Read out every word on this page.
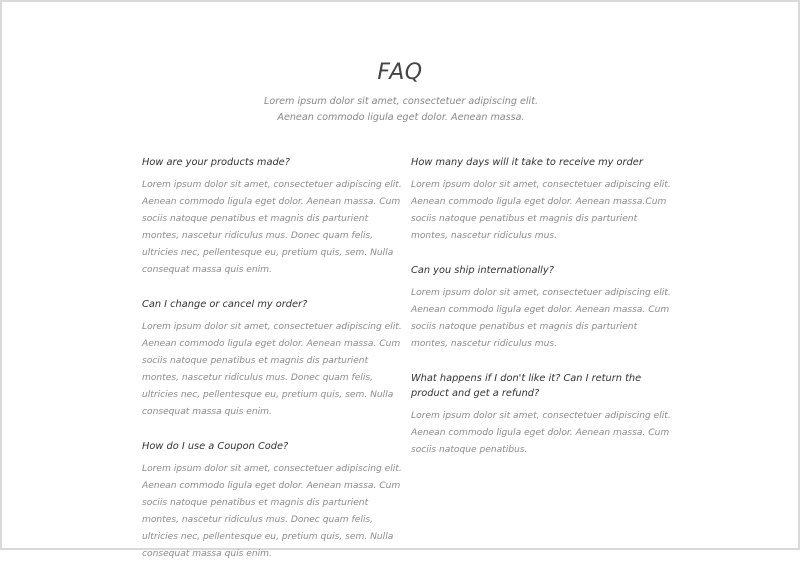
FAQ

Lorem ipsum dolor sit amet, consectetuer adipiscing elit. Aenean commodo ligula eget dolor. Aenean massa.

How are your products made?

Lorem ipsum dolor sit amet, consectetuer adipiscing elit. Aenean commodo ligula eget dolor. Aenean massa. Cum sociis natoque penatibus et magnis dis parturient montes, nascetur ridiculus mus. Donec quam felis, ultricies nec, pellentesque eu, pretium quis, sem. Nulla consequat massa quis enim.

Can I change or cancel my order?

Lorem ipsum dolor sit amet, consectetuer adipiscing elit. Aenean commodo ligula eget dolor. Aenean massa. Cum sociis natoque penatibus et magnis dis parturient montes, nascetur ridiculus mus. Donec quam felis, ultricies nec, pellentesque eu, pretium quis, sem. Nulla consequat massa quis enim.

How do I use a Coupon Code?

Lorem ipsum dolor sit amet, consectetuer adipiscing elit. Aenean commodo ligula eget dolor. Aenean massa. Cum sociis natoque penatibus et magnis dis parturient montes, nascetur ridiculus mus. Donec quam felis, ultricies nec, pellentesque eu, pretium quis, sem. Nulla consequat massa quis enim.

How many days will it take to receive my order

Lorem ipsum dolor sit amet, consectetuer adipiscing elit. Aenean commodo ligula eget dolor. Aenean massa.Cum sociis natoque penatibus et magnis dis parturient montes, nascetur ridiculus mus.

Can you ship internationally?

Lorem ipsum dolor sit amet, consectetuer adipiscing elit. Aenean commodo ligula eget dolor. Aenean massa. Cum sociis natoque penatibus et magnis dis parturient montes, nascetur ridiculus mus.

What happens if I don't like it? Can I return the product and get a refund?

Lorem ipsum dolor sit amet, consectetuer adipiscing elit. Aenean commodo ligula eget dolor. Aenean massa. Cum sociis natoque penatibus.
